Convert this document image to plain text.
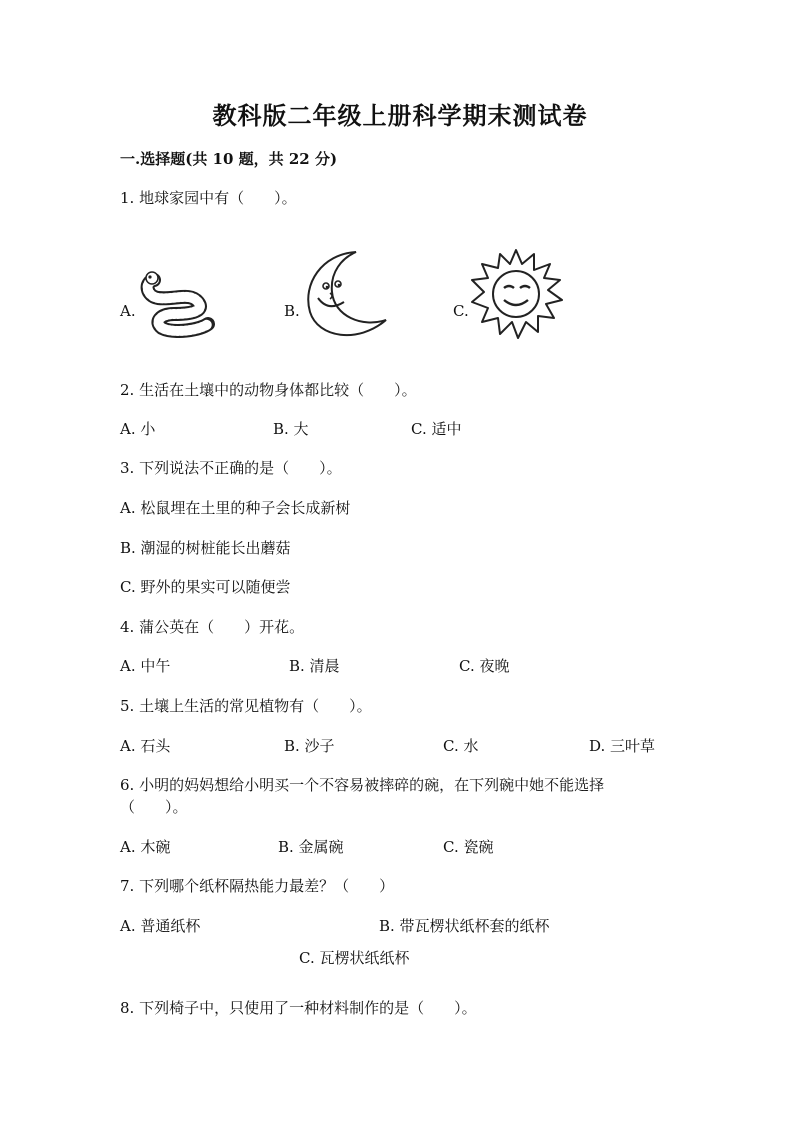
教科版二年级上册科学期末测试卷
一.选择题(共 10 题，共 22 分)
1. 地球家园中有（　　）。
A.	B.	C.
2. 生活在土壤中的动物身体都比较（　　）。
A. 小	B. 大	C. 适中
3. 下列说法不正确的是（　　）。
A. 松鼠埋在土里的种子会长成新树
B. 潮湿的树桩能长出蘑菇
C. 野外的果实可以随便尝
4. 蒲公英在（　　）开花。
A. 中午	B. 清晨	C. 夜晚
5. 土壤上生活的常见植物有（　　）。
A. 石头	B. 沙子	C. 水	D. 三叶草
6. 小明的妈妈想给小明买一个不容易被摔碎的碗，在下列碗中她不能选择
（　　）。
A. 木碗	B. 金属碗	C. 瓷碗
7. 下列哪个纸杯隔热能力最差？（　　）
A. 普通纸杯	B. 带瓦楞状纸杯套的纸杯
C. 瓦楞状纸纸杯
8. 下列椅子中，只使用了一种材料制作的是（　　）。
